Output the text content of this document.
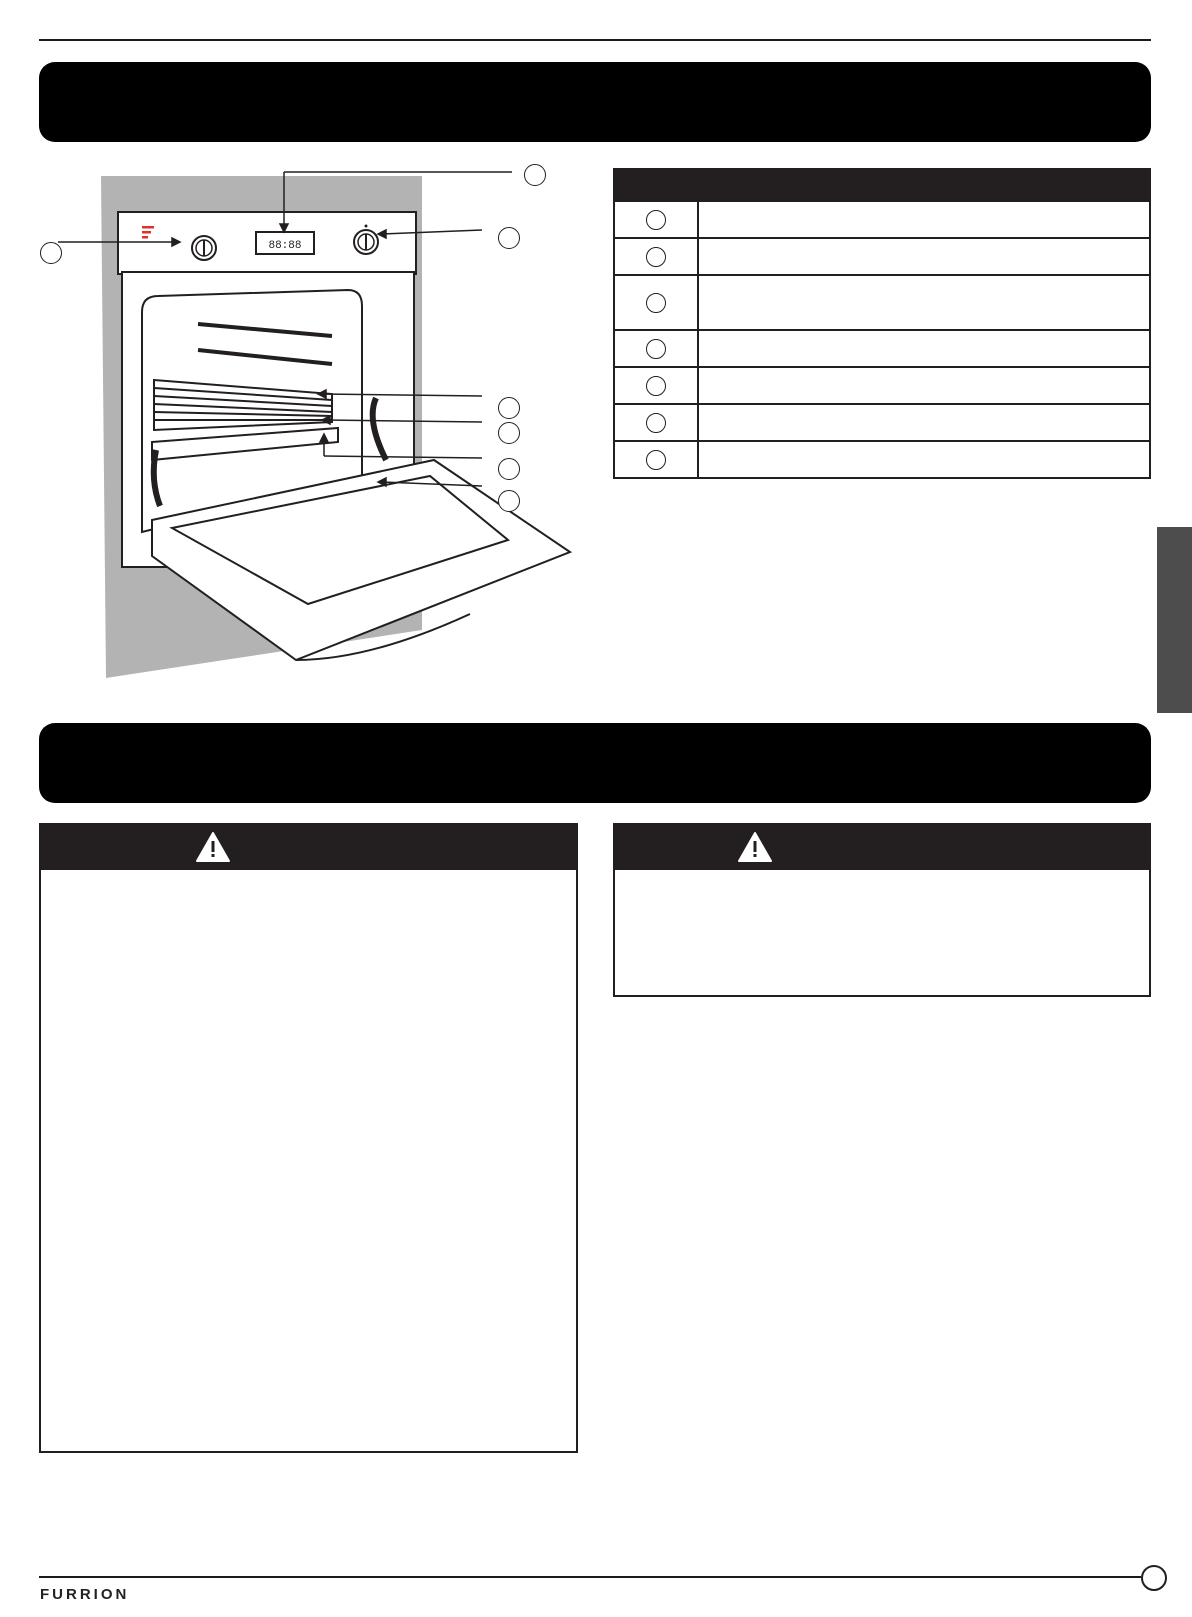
88:88

FURRION
